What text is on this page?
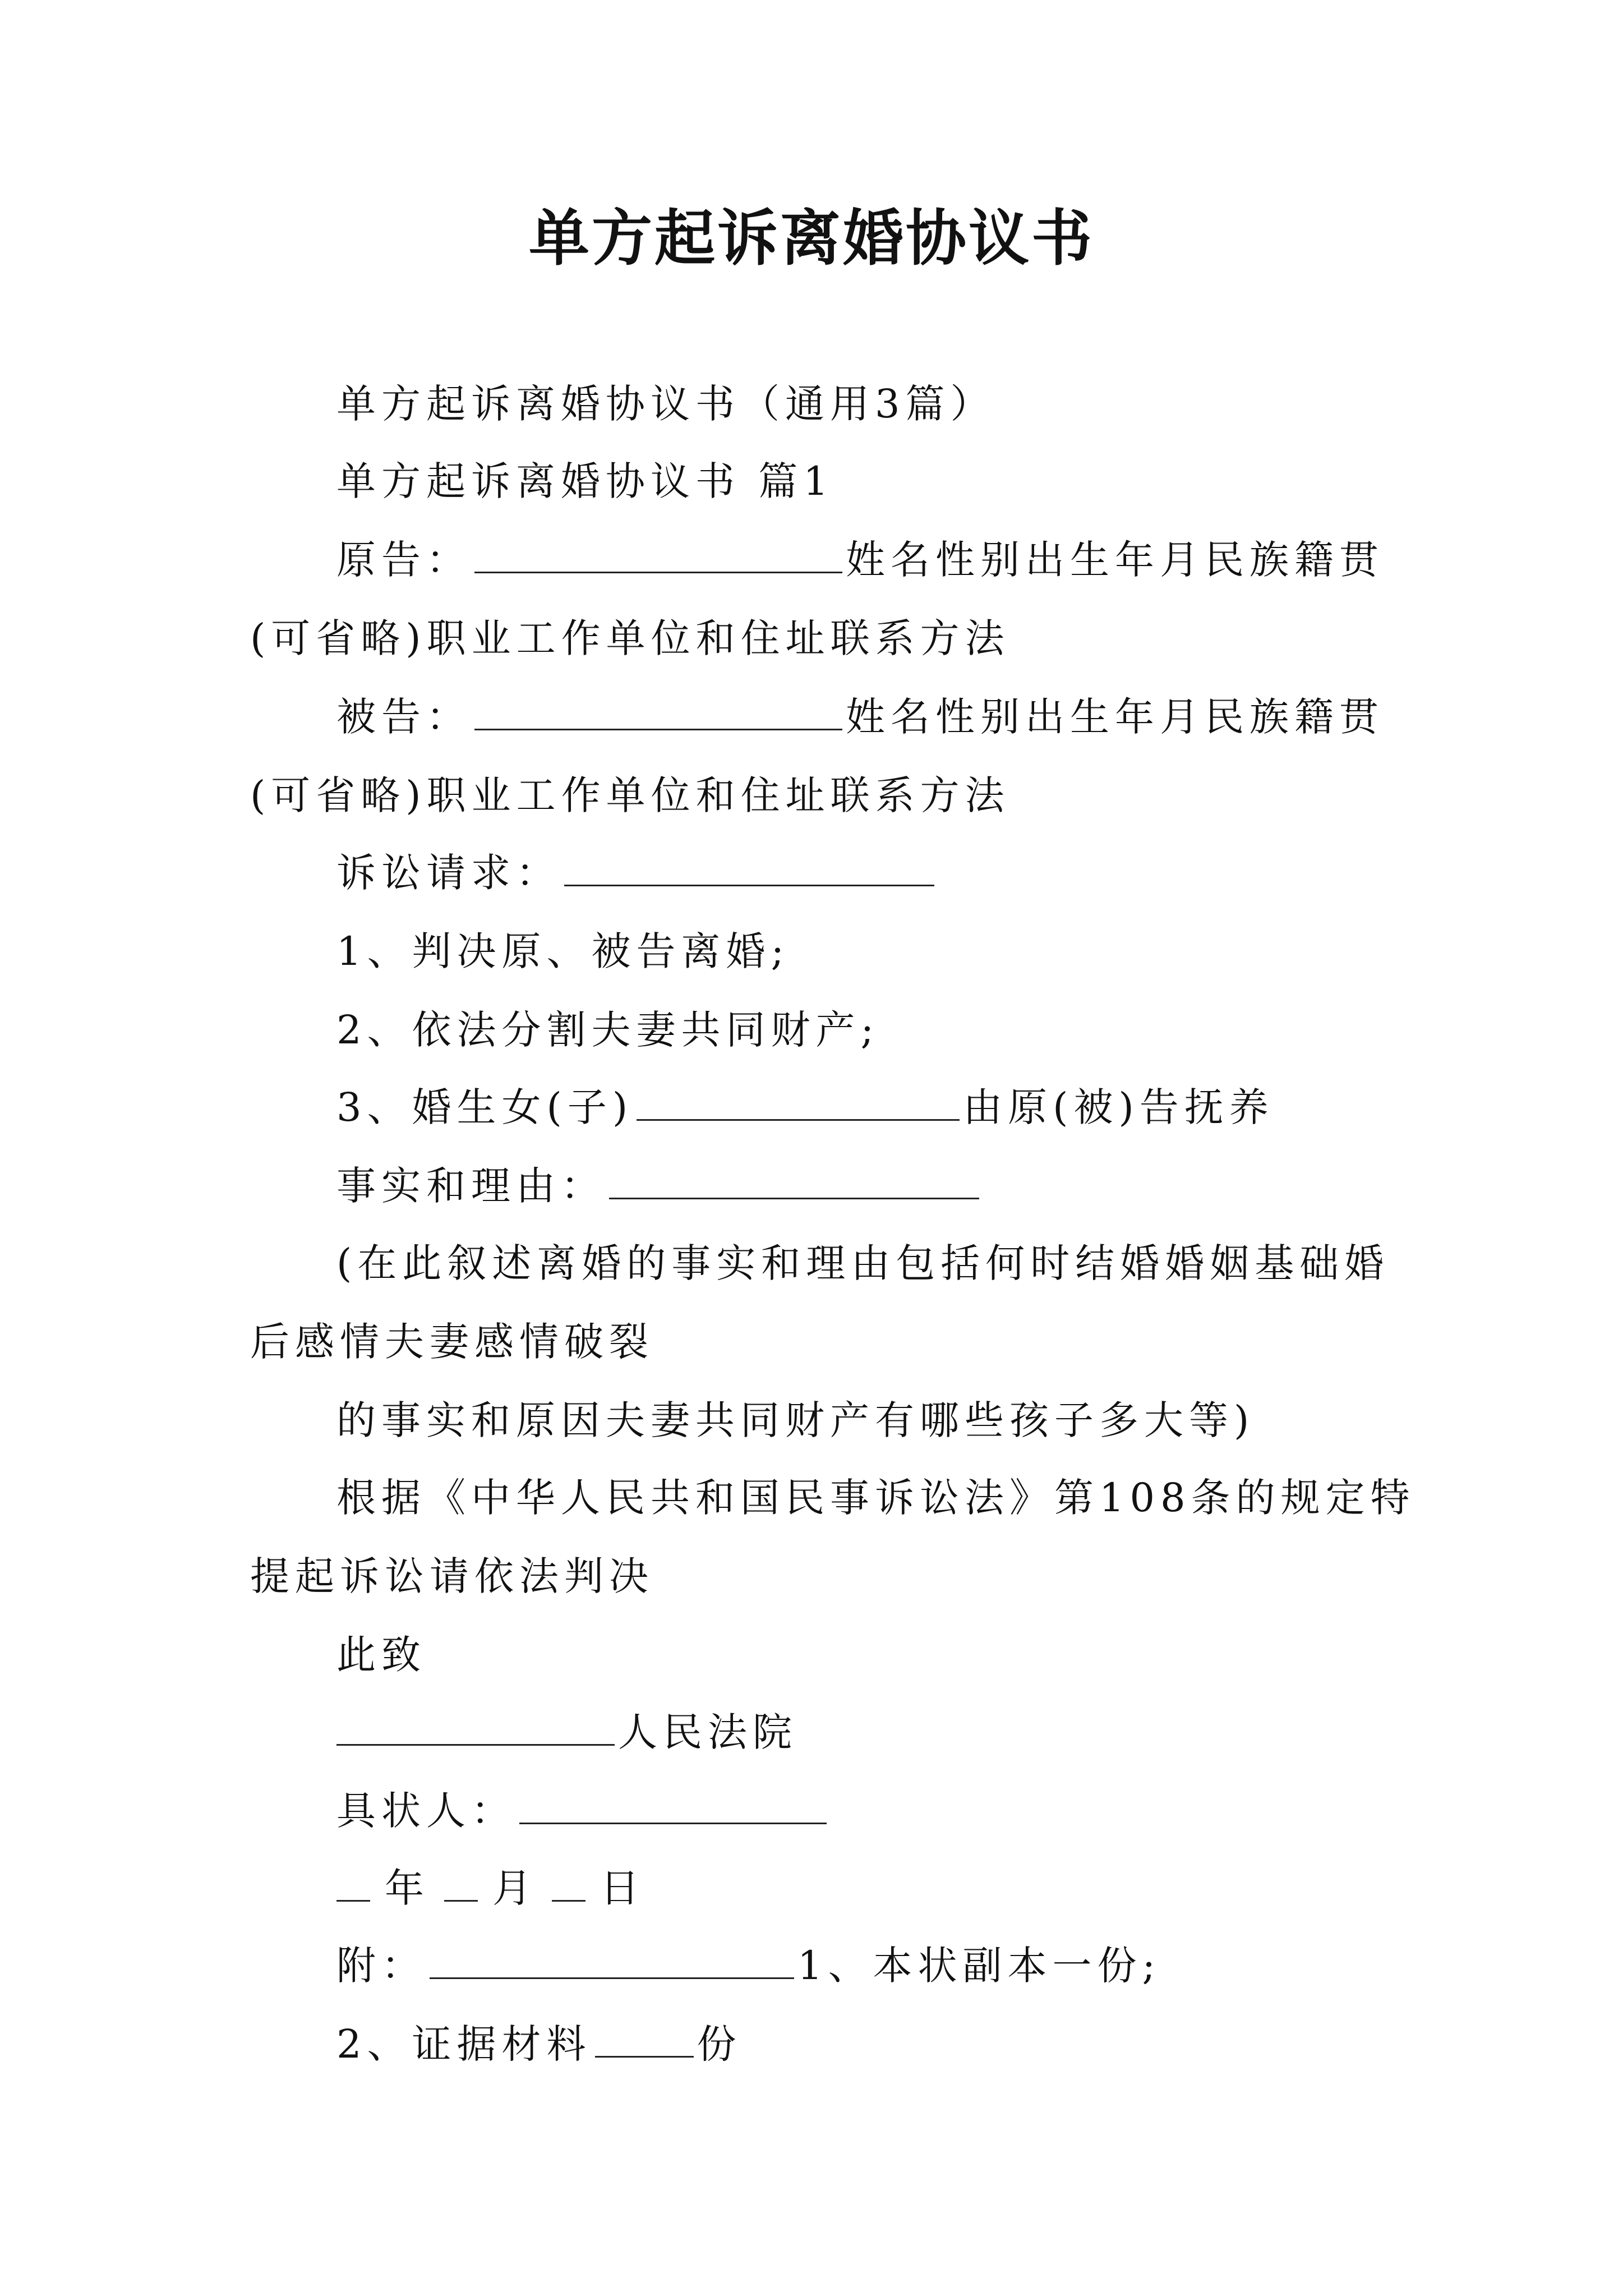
单方起诉离婚协议书
单方起诉离婚协议书（通用3篇）
单方起诉离婚协议书 篇1
原告：	姓名性别出生年月民族籍贯
(可省略)职业工作单位和住址联系方法
被告：	姓名性别出生年月民族籍贯
(可省略)职业工作单位和住址联系方法
诉讼请求：
1、判决原、被告离婚;
2、依法分割夫妻共同财产;
3、婚生女(子)	由原(被)告抚养
事实和理由：
(在此叙述离婚的事实和理由包括何时结婚婚姻基础婚
后感情夫妻感情破裂
的事实和原因夫妻共同财产有哪些孩子多大等)
根据《中华人民共和国民事诉讼法》第108条的规定特
提起诉讼请依法判决
此致
人民法院
具状人：
年 月 日
附：	1、本状副本一份;
2、证据材料	份
